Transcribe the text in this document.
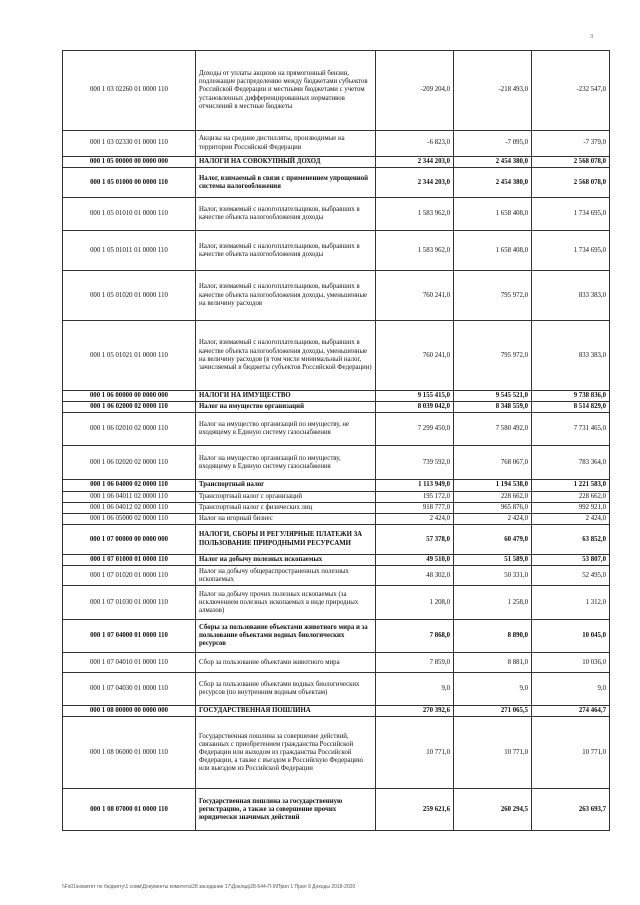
3
000 1 03 02260 01 0000 110	Доходы от уплаты акцизов на прямогонный бензин, подлежащие распределению между бюджетами субъектов Российской Федерации и местными бюджетами с учетом установленных дифференцированных нормативов отчислений в местные бюджеты	-209 204,0	-218 493,0	-232 547,0
000 1 03 02330 01 0000 110	Акцизы на средние дистилляты, производимые на территории Российской Федерации	-6 823,0	-7 095,0	-7 379,0
000 1 05 00000 00 0000 000	НАЛОГИ НА СОВОКУПНЫЙ ДОХОД	2 344 203,0	2 454 380,0	2 568 078,0
000 1 05 01000 00 0000 110	Налог, взимаемый в связи с применением упрощенной системы налогообложения	2 344 203,0	2 454 380,0	2 568 078,0
000 1 05 01010 01 0000 110	Налог, взимаемый с налогоплательщиков, выбравших в качестве объекта налогообложения доходы	1 583 962,0	1 658 408,0	1 734 695,0
000 1 05 01011 01 0000 110	Налог, взимаемый с налогоплательщиков, выбравших в качестве объекта налогообложения доходы	1 583 962,0	1 658 408,0	1 734 695,0
000 1 05 01020 01 0000 110	Налог, взимаемый с налогоплательщиков, выбравших в качестве объекта налогообложения доходы, уменьшенные на величину расходов	760 241,0	795 972,0	833 383,0
000 1 05 01021 01 0000 110	Налог, взимаемый с налогоплательщиков, выбравших в качестве объекта налогообложения доходы, уменьшенные на величину расходов (в том числе минимальный налог, зачисляемый в бюджеты субъектов Российской Федерации)	760 241,0	795 972,0	833 383,0
000 1 06 00000 00 0000 000	НАЛОГИ НА ИМУЩЕСТВО	9 155 415,0	9 545 521,0	9 738 836,0
000 1 06 02000 02 0000 110	Налог на имущество организаций	8 039 042,0	8 348 559,0	8 514 829,0
000 1 06 02010 02 0000 110	Налог на имущество организаций по имуществу, не входящему в Единую систему газоснабжения	7 299 450,0	7 580 492,0	7 731 465,0
000 1 06 02020 02 0000 110	Налог на имущество организаций по имуществу, входящему в Единую систему газоснабжения	739 592,0	768 067,0	783 364,0
000 1 06 04000 02 0000 110	Транспортный налог	1 113 949,0	1 194 538,0	1 221 583,0
000 1 06 04011 02 0000 110	Транспортный налог с организаций	195 172,0	228 662,0	228 662,0
000 1 06 04012 02 0000 110	Транспортный налог с физических лиц	918 777,0	965 876,0	992 921,0
000 1 06 05000 02 0000 110	Налог на игорный бизнес	2 424,0	2 424,0	2 424,0
000 1 07 00000 00 0000 000	НАЛОГИ, СБОРЫ И РЕГУЛЯРНЫЕ ПЛАТЕЖИ ЗА ПОЛЬЗОВАНИЕ ПРИРОДНЫМИ РЕСУРСАМИ	57 378,0	60 479,0	63 852,0
000 1 07 01000 01 0000 110	Налог на добычу полезных ископаемых	49 510,0	51 589,0	53 807,0
000 1 07 01020 01 0000 110	Налог на добычу общераспространенных полезных ископаемых	48 302,0	50 331,0	52 495,0
000 1 07 01030 01 0000 110	Налог на добычу прочих полезных ископаемых (за исключением полезных ископаемых в виде природных алмазов)	1 208,0	1 258,0	1 312,0
000 1 07 04000 01 0000 110	Сборы за пользование объектами животного мира и за пользование объектами водных биологических ресурсов	7 868,0	8 890,0	10 045,0
000 1 07 04010 01 0000 110	Сбор за пользование объектами животного мира	7 859,0	8 881,0	10 036,0
000 1 07 04030 01 0000 110	Сбор за пользование объектами водных биологических ресурсов (по внутренним водным объектам)	9,0	9,0	9,0
000 1 08 00000 00 0000 000	ГОСУДАРСТВЕННАЯ ПОШЛИНА	270 392,6	271 065,5	274 464,7
000 1 08 06000 01 0000 110	Государственная пошлина за совершение действий, связанных с приобретением гражданства Российской Федерации или выходом из гражданства Российской Федерации, а также с въездом в Российскую Федерацию или выездом из Российской Федерации	10 771,0	10 771,0	10 771,0
000 1 08 07000 01 0000 110	Государственная пошлина за государственную регистрацию, а также за совершение прочих юридически значимых действий	259 621,6	260 294,5	263 693,7
\\Fs01\комитет по бюджету\1 совм\Документы комитета\28 заседание 17\Доклад\28-544-П-9\Прил 1 Прил 9 Доходы 2018-2020
